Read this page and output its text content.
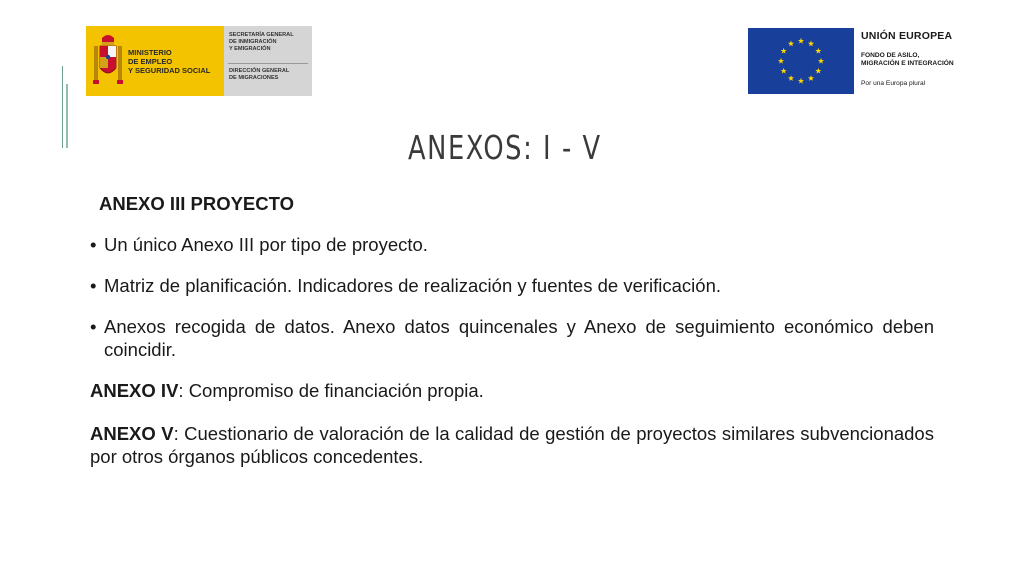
MINISTERIO
DE EMPLEO
Y SEGURIDAD SOCIAL
SECRETARÍA GENERAL
DE INMIGRACIÓN
Y EMIGRACIÓN
DIRECCIÓN GENERAL
DE MIGRACIONES
UNIÓN EUROPEA
FONDO DE ASILO,
MIGRACIÓN E INTEGRACIÓN
Por una Europa plural
ANEXOS: I - V
ANEXO III PROYECTO
• Un único Anexo III por tipo de proyecto.
• Matriz de planificación. Indicadores de realización y fuentes de verificación.
• Anexos recogida de datos. Anexo datos quincenales y Anexo de seguimiento económico deben coincidir.
ANEXO IV: Compromiso de financiación propia.
ANEXO V: Cuestionario de valoración de la calidad de gestión de proyectos similares subvencionados por otros órganos públicos concedentes.
